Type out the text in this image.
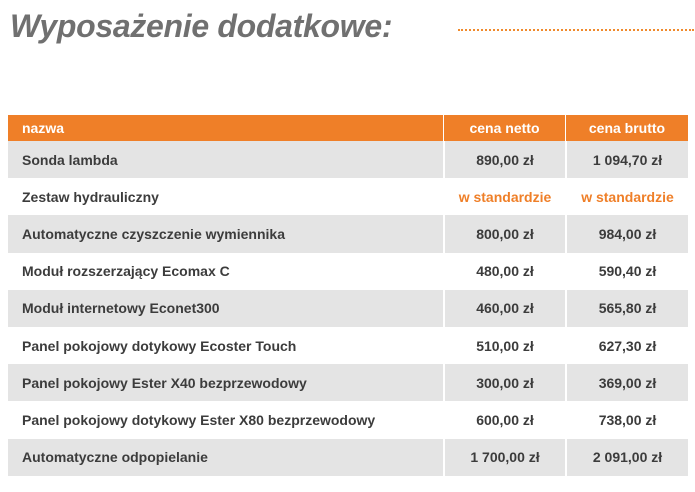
Wyposażenie dodatkowe:
nazwa	cena netto	cena brutto
Sonda lambda	890,00 zł	1 094,70 zł
Zestaw hydrauliczny	w standardzie	w standardzie
Automatyczne czyszczenie wymiennika	800,00 zł	984,00 zł
Moduł rozszerzający Ecomax C	480,00 zł	590,40 zł
Moduł internetowy Econet300	460,00 zł	565,80 zł
Panel pokojowy dotykowy Ecoster Touch	510,00 zł	627,30 zł
Panel pokojowy Ester X40 bezprzewodowy	300,00 zł	369,00 zł
Panel pokojowy dotykowy Ester X80 bezprzewodowy	600,00 zł	738,00 zł
Automatyczne odpopielanie	1 700,00 zł	2 091,00 zł
